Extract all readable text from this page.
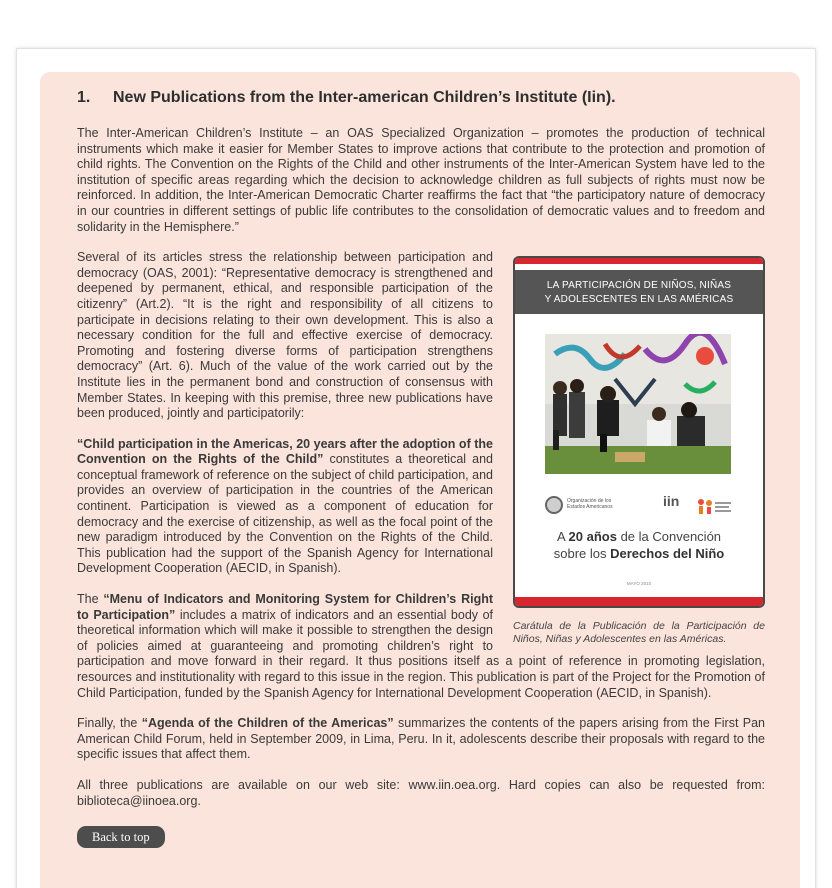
1. New Publications from the Inter-american Children’s Institute (Iin).

The Inter-American Children’s Institute – an OAS Specialized Organization – promotes the production of technical instruments which make it easier for Member States to improve actions that contribute to the protection and promotion of child rights. The Convention on the Rights of the Child and other instruments of the Inter-American System have led to the institution of specific areas regarding which the decision to acknowledge children as full subjects of rights must now be reinforced. In addition, the Inter-American Democratic Charter reaffirms the fact that “the participatory nature of democracy in our countries in different settings of public life contributes to the consolidation of democratic values and to freedom and solidarity in the Hemisphere.”

LA PARTICIPACIÓN DE NIÑOS, NIÑAS
Y ADOLESCENTES EN LAS AMÉRICAS
Organización de los Estados Americanos	iin
A 20 años de la Convención
sobre los Derechos del Niño
MAYO 2010

Carátula de la Publicación de la Participación de Niños, Niñas y Adolescentes en las Américas.

Several of its articles stress the relationship between participation and democracy (OAS, 2001): “Representative democracy is strengthened and deepened by permanent, ethical, and responsible participation of the citizenry” (Art.2). “It is the right and responsibility of all citizens to participate in decisions relating to their own development. This is also a necessary condition for the full and effective exercise of democracy. Promoting and fostering diverse forms of participation strengthens democracy” (Art. 6). Much of the value of the work carried out by the Institute lies in the permanent bond and construction of consensus with Member States. In keeping with this premise, three new publications have been produced, jointly and participatorily:

“Child participation in the Americas, 20 years after the adoption of the Convention on the Rights of the Child” constitutes a theoretical and conceptual framework of reference on the subject of child participation, and provides an overview of participation in the countries of the American continent. Participation is viewed as a component of education for democracy and the exercise of citizenship, as well as the focal point of the new paradigm introduced by the Convention on the Rights of the Child. This publication had the support of the Spanish Agency for International Development Cooperation (AECID, in Spanish).

The “Menu of Indicators and Monitoring System for Children’s Right to Participation” includes a matrix of indicators and an essential body of theoretical information which will make it possible to strengthen the design of policies aimed at guaranteeing and promoting children’s right to participation and move forward in their regard. It thus positions itself as a point of reference in promoting legislation, resources and institutionality with regard to this issue in the region. This publication is part of the Project for the Promotion of Child Participation, funded by the Spanish Agency for International Development Cooperation (AECID, in Spanish).

Finally, the “Agenda of the Children of the Americas” summarizes the contents of the papers arising from the First Pan American Child Forum, held in September 2009, in Lima, Peru. In it, adolescents describe their proposals with regard to the specific issues that affect them.

All three publications are available on our web site: www.iin.oea.org. Hard copies can also be requested from: biblioteca@iinoea.org.

Back to top
